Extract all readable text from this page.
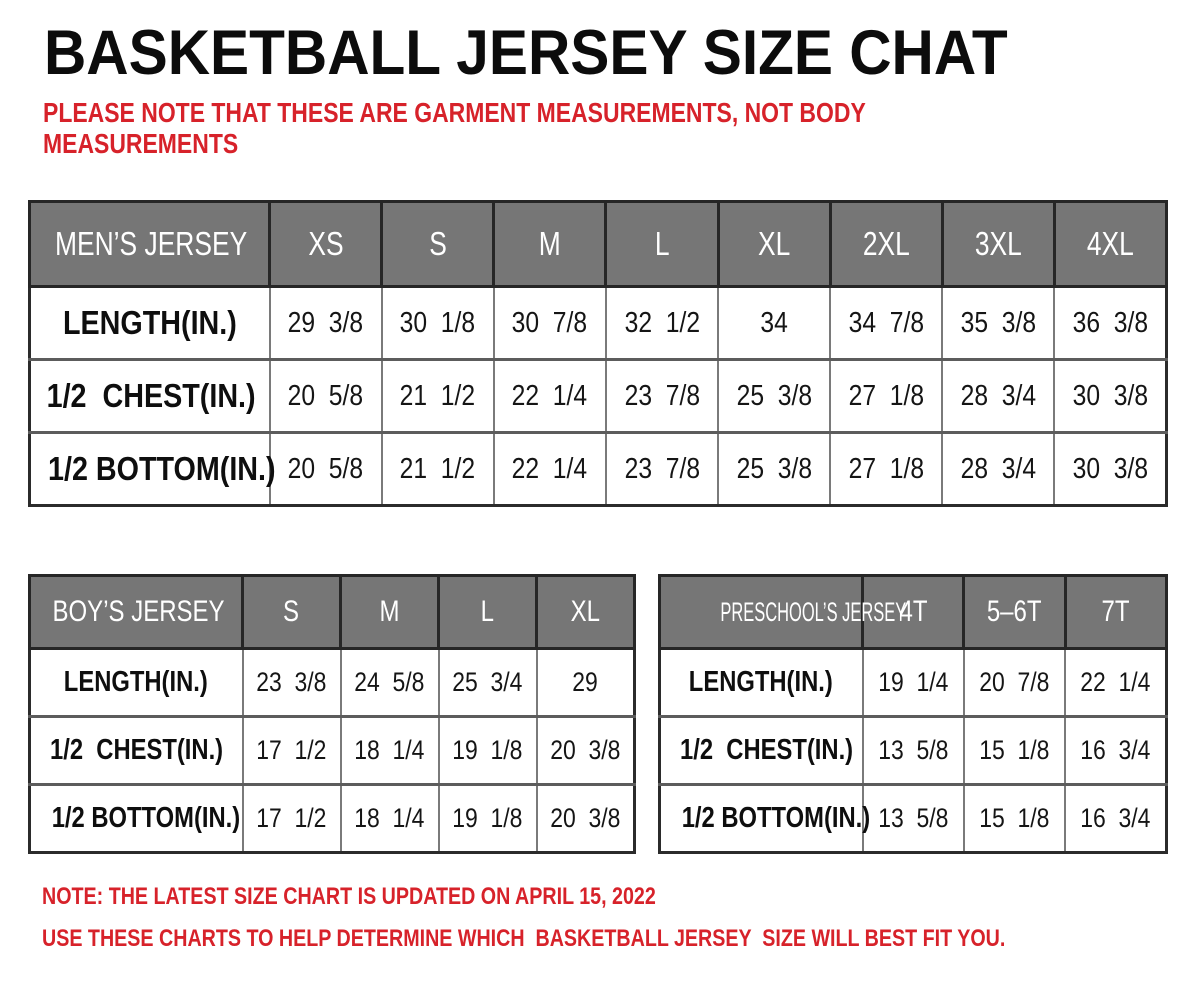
BASKETBALL JERSEY SIZE CHAT
PLEASE NOTE THAT THESE ARE GARMENT MEASUREMENTS, NOT BODY
MEASUREMENTS
MEN’S JERSEY	XS	S	M	L	XL	2XL	3XL	4XL
LENGTH(IN.)	29  3/8	30  1/8	30  7/8	32  1/2	34	34  7/8	35  3/8	36  3/8
1/2  CHEST(IN.)	20  5/8	21  1/2	22  1/4	23  7/8	25  3/8	27  1/8	28  3/4	30  3/8
1/2 BOTTOM(IN.)	20  5/8	21  1/2	22  1/4	23  7/8	25  3/8	27  1/8	28  3/4	30  3/8
BOY’S JERSEY	S	M	L	XL
LENGTH(IN.)	23  3/8	24  5/8	25  3/4	29
1/2  CHEST(IN.)	17  1/2	18  1/4	19  1/8	20  3/8
1/2 BOTTOM(IN.)	17  1/2	18  1/4	19  1/8	20  3/8
PRESCHOOL’S JERSEY	4T	5–6T	7T
LENGTH(IN.)	19  1/4	20  7/8	22  1/4
1/2  CHEST(IN.)	13  5/8	15  1/8	16  3/4
1/2 BOTTOM(IN.)	13  5/8	15  1/8	16  3/4
NOTE: THE LATEST SIZE CHART IS UPDATED ON APRIL 15, 2022
USE THESE CHARTS TO HELP DETERMINE WHICH  BASKETBALL JERSEY  SIZE WILL BEST FIT YOU.
